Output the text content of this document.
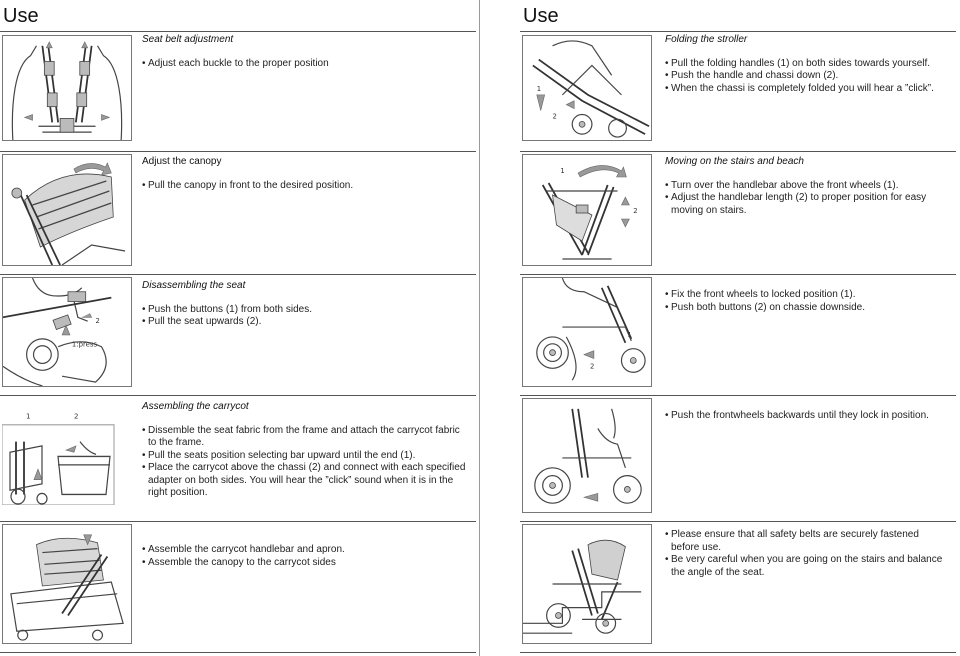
Use
Seat belt adjustment
• Adjust each buckle to the proper position
Adjust the canopy
• Pull the canopy in front to the desired position.
2
1:press
Disassembling the seat
• Push the buttons (1) from both sides.
• Pull the seat upwards (2).
1	2
Assembling the carrycot
• Dissemble the seat fabric from the frame and attach the carrycot fabric to the frame.
• Pull the seats position selecting bar upward until the end (1).
• Place the carrycot above the chassi (2) and connect with each specified adapter on both sides. You will hear the ”click” sound when it is in the right position.
• Assemble the carrycot handlebar and apron.
• Assemble the canopy to the carrycot sides
Use
1
2
Folding the stroller
• Pull the folding handles (1) on both sides towards yourself.
• Push the handle and chassi down (2).
• When the chassi is completely folded you will hear a ”click”.
1
2
Moving on the stairs and beach
• Turn over the handlebar above the front wheels (1).
• Adjust the handlebar length (2) to proper position for easy moving on stairs.
2
1
• Fix the front wheels to locked position (1).
• Push both buttons (2) on chassie downside.
• Push the frontwheels backwards until they lock in position.
• Please ensure that all safety belts are securely fastened before use.
• Be very careful when you are going on the stairs and balance the angle of the seat.
